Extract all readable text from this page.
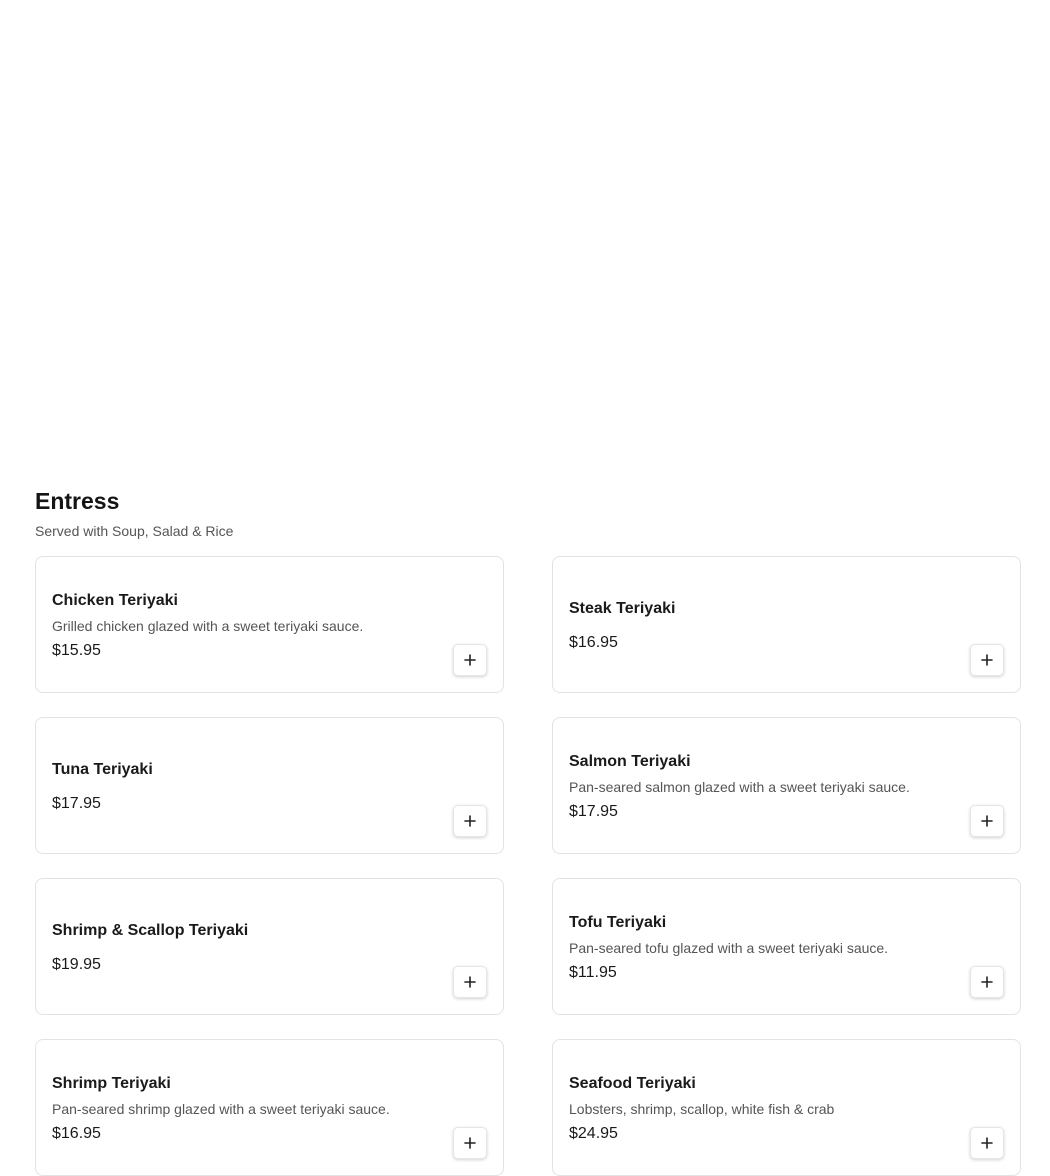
Entress

Served with Soup, Salad & Rice

Chicken Teriyaki
Grilled chicken glazed with a sweet teriyaki sauce.
$15.95
Steak Teriyaki
$16.95
Tuna Teriyaki
$17.95
Salmon Teriyaki
Pan-seared salmon glazed with a sweet teriyaki sauce.
$17.95
Shrimp & Scallop Teriyaki
$19.95
Tofu Teriyaki
Pan-seared tofu glazed with a sweet teriyaki sauce.
$11.95
Shrimp Teriyaki
Pan-seared shrimp glazed with a sweet teriyaki sauce.
$16.95
Seafood Teriyaki
Lobsters, shrimp, scallop, white fish & crab
$24.95
